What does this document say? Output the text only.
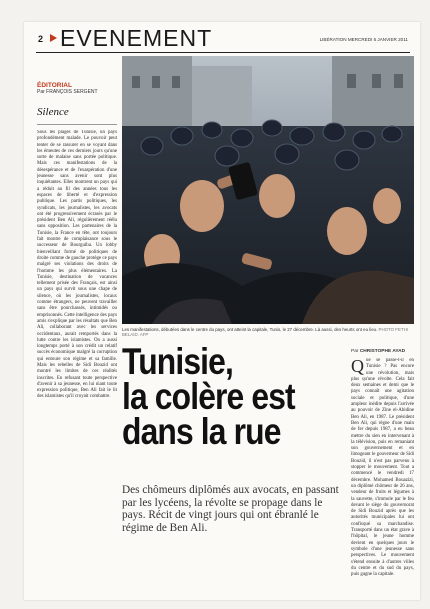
2 EVENEMENT	LIBÉRATION MERCREDI 5 JANVIER 2011
ÉDITORIAL
Par FRANÇOIS SERGENT
Silence
Sous les plages de Tunisie, un pays profondément malade. Le pouvoir peut tenter de se rassurer en se voyant dans les émeutes de ces derniers jours qu'une sorte de malaise sans portée politique. Mais ces manifestations de la désespérance et de l'exaspération d'une jeunesse sans avenir sont plus inquiétantes. Elles montrent un pays qui a réduit au fil des années tous les espaces de liberté et d'expression publique. Les partis politiques, les syndicats, les journalistes, les avocats ont été progressivement écrasés par le président Ben Ali, régulièrement réélu sans opposition. Les partenaires de la Tunisie, la France en tête, ont toujours fait montre de complaisance sous le successeur de Bourguiba. Un lobby bienveillant formé de politiques de droite comme de gauche protège ce pays malgré ses violations des droits de l'homme les plus élémentaires. La Tunisie, destination de vacances tellement prisée des Français, est ainsi un pays qui survit sous une chape de silence, où les journalistes, locaux comme étrangers, ne peuvent travailler sans être pourchassés, intimidés ou emprisonnés. Cette intelligence des pays amis s'explique par les résultats que Ben Ali, collaborant avec les services occidentaux, aurait remportés dans la lutte contre les islamistes. On a aussi longtemps porté à son crédit un relatif succès économique malgré la corruption qui entoure son régime et sa famille. Mais les rebelles de Sidi Bouzid ont montré les limites de ces réalités inscrites. En refusant toute perspective d'avenir à sa jeunesse, en lui niant toute expression politique, Ben Ali fait le lit des islamistes qu'il croyait combattre.
Les manifestations, débutées dans le centre du pays, ont atteint la capitale, Tunis, le 27 décembre. Là aussi, des heurts ont eu lieu. PHOTO FETHI BELAID. AFP
Tunisie,
la colère est
dans la rue
Des chômeurs diplômés aux avocats, en passant par les lycéens, la révolte se propage dans le pays. Récit de vingt jours qui ont ébranlé le régime de Ben Ali.
Par CHRISTOPHE AYAD
Q ue se passe-t-il en Tunisie ? Pas encore une révolution, mais plus qu'une révolte. Cela fait deux semaines et demi que le pays connaît une agitation sociale et politique, d'une ampleur inédite depuis l'arrivée au pouvoir de Zine el-Abidine Ben Ali, en 1987. Le président Ben Ali, qui règne d'une main de fer depuis 1987, a eu beau mettre du sien en intervenant à la télévision, puis en remaniant son gouvernement et en limogeant le gouverneur de Sidi Bouzid, il n'est pas parvenu à stopper le mouvement. Tout a commencé le vendredi 17 décembre. Mohamed Bouazizi, un diplômé chômeur de 26 ans, vendeur de fruits et légumes à la sauvette, s'immole par le feu devant le siège du gouvernorat de Sidi Bouzid après que les autorités municipales lui ont confisqué sa marchandise. Transporté dans un état grave à l'hôpital, le jeune homme devient en quelques jours le symbole d'une jeunesse sans perspectives. Le mouvement s'étend ensuite à d'autres villes du centre et du sud du pays, puis gagne la capitale.
